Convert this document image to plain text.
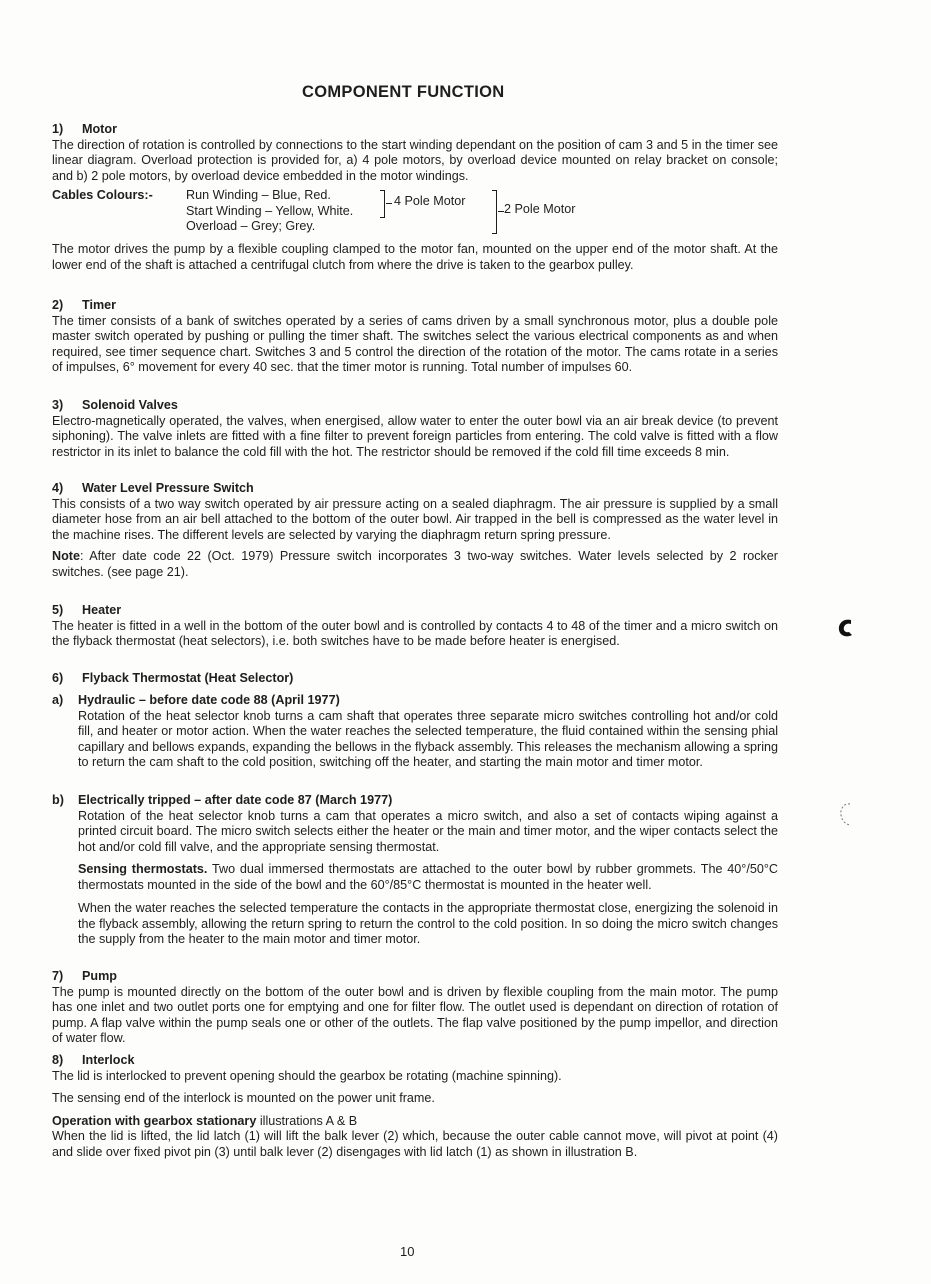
COMPONENT FUNCTION
1) Motor

The direction of rotation is controlled by connections to the start winding dependant on the position of cam 3 and 5 in the timer see linear diagram. Overload protection is provided for, a) 4 pole motors, by overload device mounted on relay bracket on console; and b) 2 pole motors, by overload device embedded in the motor windings.

Cables Colours:-	Run Winding – Blue, Red.
Start Winding – Yellow, White.
Overload – Grey; Grey.
4 Pole Motor
2 Pole Motor

The motor drives the pump by a flexible coupling clamped to the motor fan, mounted on the upper end of the motor shaft. At the lower end of the shaft is attached a centrifugal clutch from where the drive is taken to the gearbox pulley.

2) Timer

The timer consists of a bank of switches operated by a series of cams driven by a small synchronous motor, plus a double pole master switch operated by pushing or pulling the timer shaft. The switches select the various electrical components as and when required, see timer sequence chart. Switches 3 and 5 control the direction of the rotation of the motor. The cams rotate in a series of impulses, 6° movement for every 40 sec. that the timer motor is running. Total number of impulses 60.

3) Solenoid Valves

Electro-magnetically operated, the valves, when energised, allow water to enter the outer bowl via an air break device (to prevent siphoning). The valve inlets are fitted with a fine filter to prevent foreign particles from entering. The cold valve is fitted with a flow restrictor in its inlet to balance the cold fill with the hot. The restrictor should be removed if the cold fill time exceeds 8 min.

4) Water Level Pressure Switch

This consists of a two way switch operated by air pressure acting on a sealed diaphragm. The air pressure is supplied by a small diameter hose from an air bell attached to the bottom of the outer bowl. Air trapped in the bell is compressed as the water level in the machine rises. The different levels are selected by varying the diaphragm return spring pressure.

Note: After date code 22 (Oct. 1979) Pressure switch incorporates 3 two-way switches. Water levels selected by 2 rocker switches. (see page 21).

5) Heater

The heater is fitted in a well in the bottom of the outer bowl and is controlled by contacts 4 to 48 of the timer and a micro switch on the flyback thermostat (heat selectors), i.e. both switches have to be made before heater is energised.

6) Flyback Thermostat (Heat Selector)
a) Hydraulic – before date code 88 (April 1977)

Rotation of the heat selector knob turns a cam shaft that operates three separate micro switches controlling hot and/or cold fill, and heater or motor action. When the water reaches the selected temperature, the fluid contained within the sensing phial capillary and bellows expands, expanding the bellows in the flyback assembly. This releases the mechanism allowing a spring to return the cam shaft to the cold position, switching off the heater, and starting the main motor and timer motor.

b) Electrically tripped – after date code 87 (March 1977)

Rotation of the heat selector knob turns a cam that operates a micro switch, and also a set of contacts wiping against a printed circuit board. The micro switch selects either the heater or the main and timer motor, and the wiper contacts select the hot and/or cold fill valve, and the appropriate sensing thermostat.

Sensing thermostats. Two dual immersed thermostats are attached to the outer bowl by rubber grommets. The 40°/50°C thermostats mounted in the side of the bowl and the 60°/85°C thermostat is mounted in the heater well.

When the water reaches the selected temperature the contacts in the appropriate thermostat close, energizing the solenoid in the flyback assembly, allowing the return spring to return the control to the cold position. In so doing the micro switch changes the supply from the heater to the main motor and timer motor.

7) Pump

The pump is mounted directly on the bottom of the outer bowl and is driven by flexible coupling from the main motor. The pump has one inlet and two outlet ports one for emptying and one for filter flow. The outlet used is dependant on direction of rotation of pump. A flap valve within the pump seals one or other of the outlets. The flap valve positioned by the pump impellor, and direction of water flow.

8) Interlock

The lid is interlocked to prevent opening should the gearbox be rotating (machine spinning).

The sensing end of the interlock is mounted on the power unit frame.

Operation with gearbox stationary illustrations A & B

When the lid is lifted, the lid latch (1) will lift the balk lever (2) which, because the outer cable cannot move, will pivot at point (4) and slide over fixed pivot pin (3) until balk lever (2) disengages with lid latch (1) as shown in illustration B.

10
